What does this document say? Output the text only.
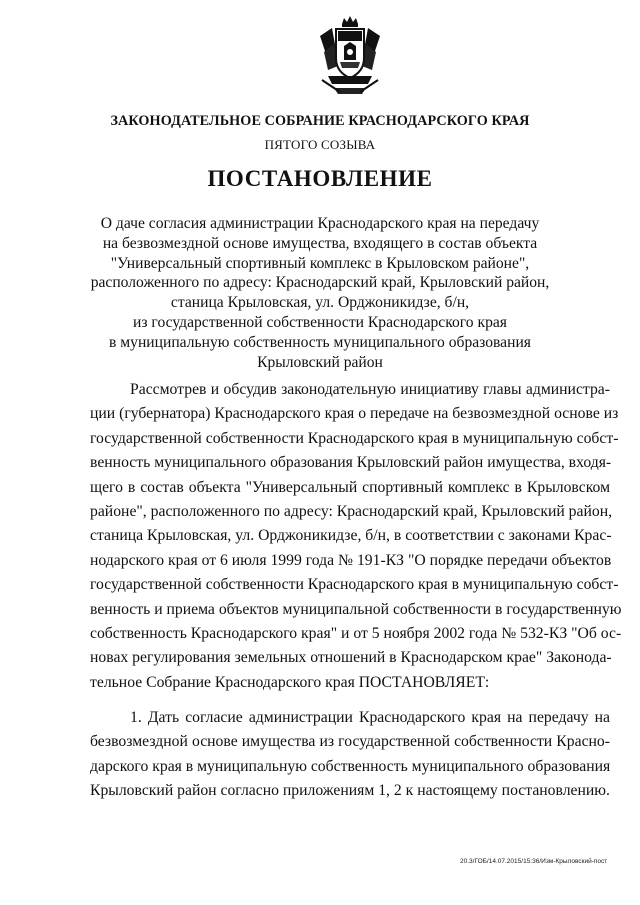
ЗАКОНОДАТЕЛЬНОЕ СОБРАНИЕ КРАСНОДАРСКОГО КРАЯ
ПЯТОГО СОЗЫВА
ПОСТАНОВЛЕНИЕ
О даче согласия администрации Краснодарского края на передачу
на безвозмездной основе имущества, входящего в состав объекта
"Универсальный спортивный комплекс в Крыловском районе",
расположенного по адресу: Краснодарский край, Крыловский район,
станица Крыловская, ул. Орджоникидзе, б/н,
из государственной собственности Краснодарского края
в муниципальную собственность муниципального образования
Крыловский район
Рассмотрев и обсудив законодательную инициативу главы администра-
ции (губернатора) Краснодарского края о передаче на безвозмездной основе из
государственной собственности Краснодарского края в муниципальную собст-
венность муниципального образования Крыловский район имущества, входя-
щего в состав объекта "Универсальный спортивный комплекс в Крыловском
районе", расположенного по адресу: Краснодарский край, Крыловский район,
станица Крыловская, ул. Орджоникидзе, б/н, в соответствии с законами Крас-
нодарского края от 6 июля 1999 года № 191-КЗ "О порядке передачи объектов
государственной собственности Краснодарского края в муниципальную собст-
венность и приема объектов муниципальной собственности в государственную
собственность Краснодарского края" и от 5 ноября 2002 года № 532-КЗ "Об ос-
новах регулирования земельных отношений в Краснодарском крае" Законода-
тельное Собрание Краснодарского края ПОСТАНОВЛЯЕТ:
1. Дать согласие администрации Краснодарского края на передачу на
безвозмездной основе имущества из государственной собственности Красно-
дарского края в муниципальную собственность муниципального образования
Крыловский район согласно приложениям 1, 2 к настоящему постановлению.
20.3/ГОБ/14.07.2015/15:36/Изм-Крыловский-пост
